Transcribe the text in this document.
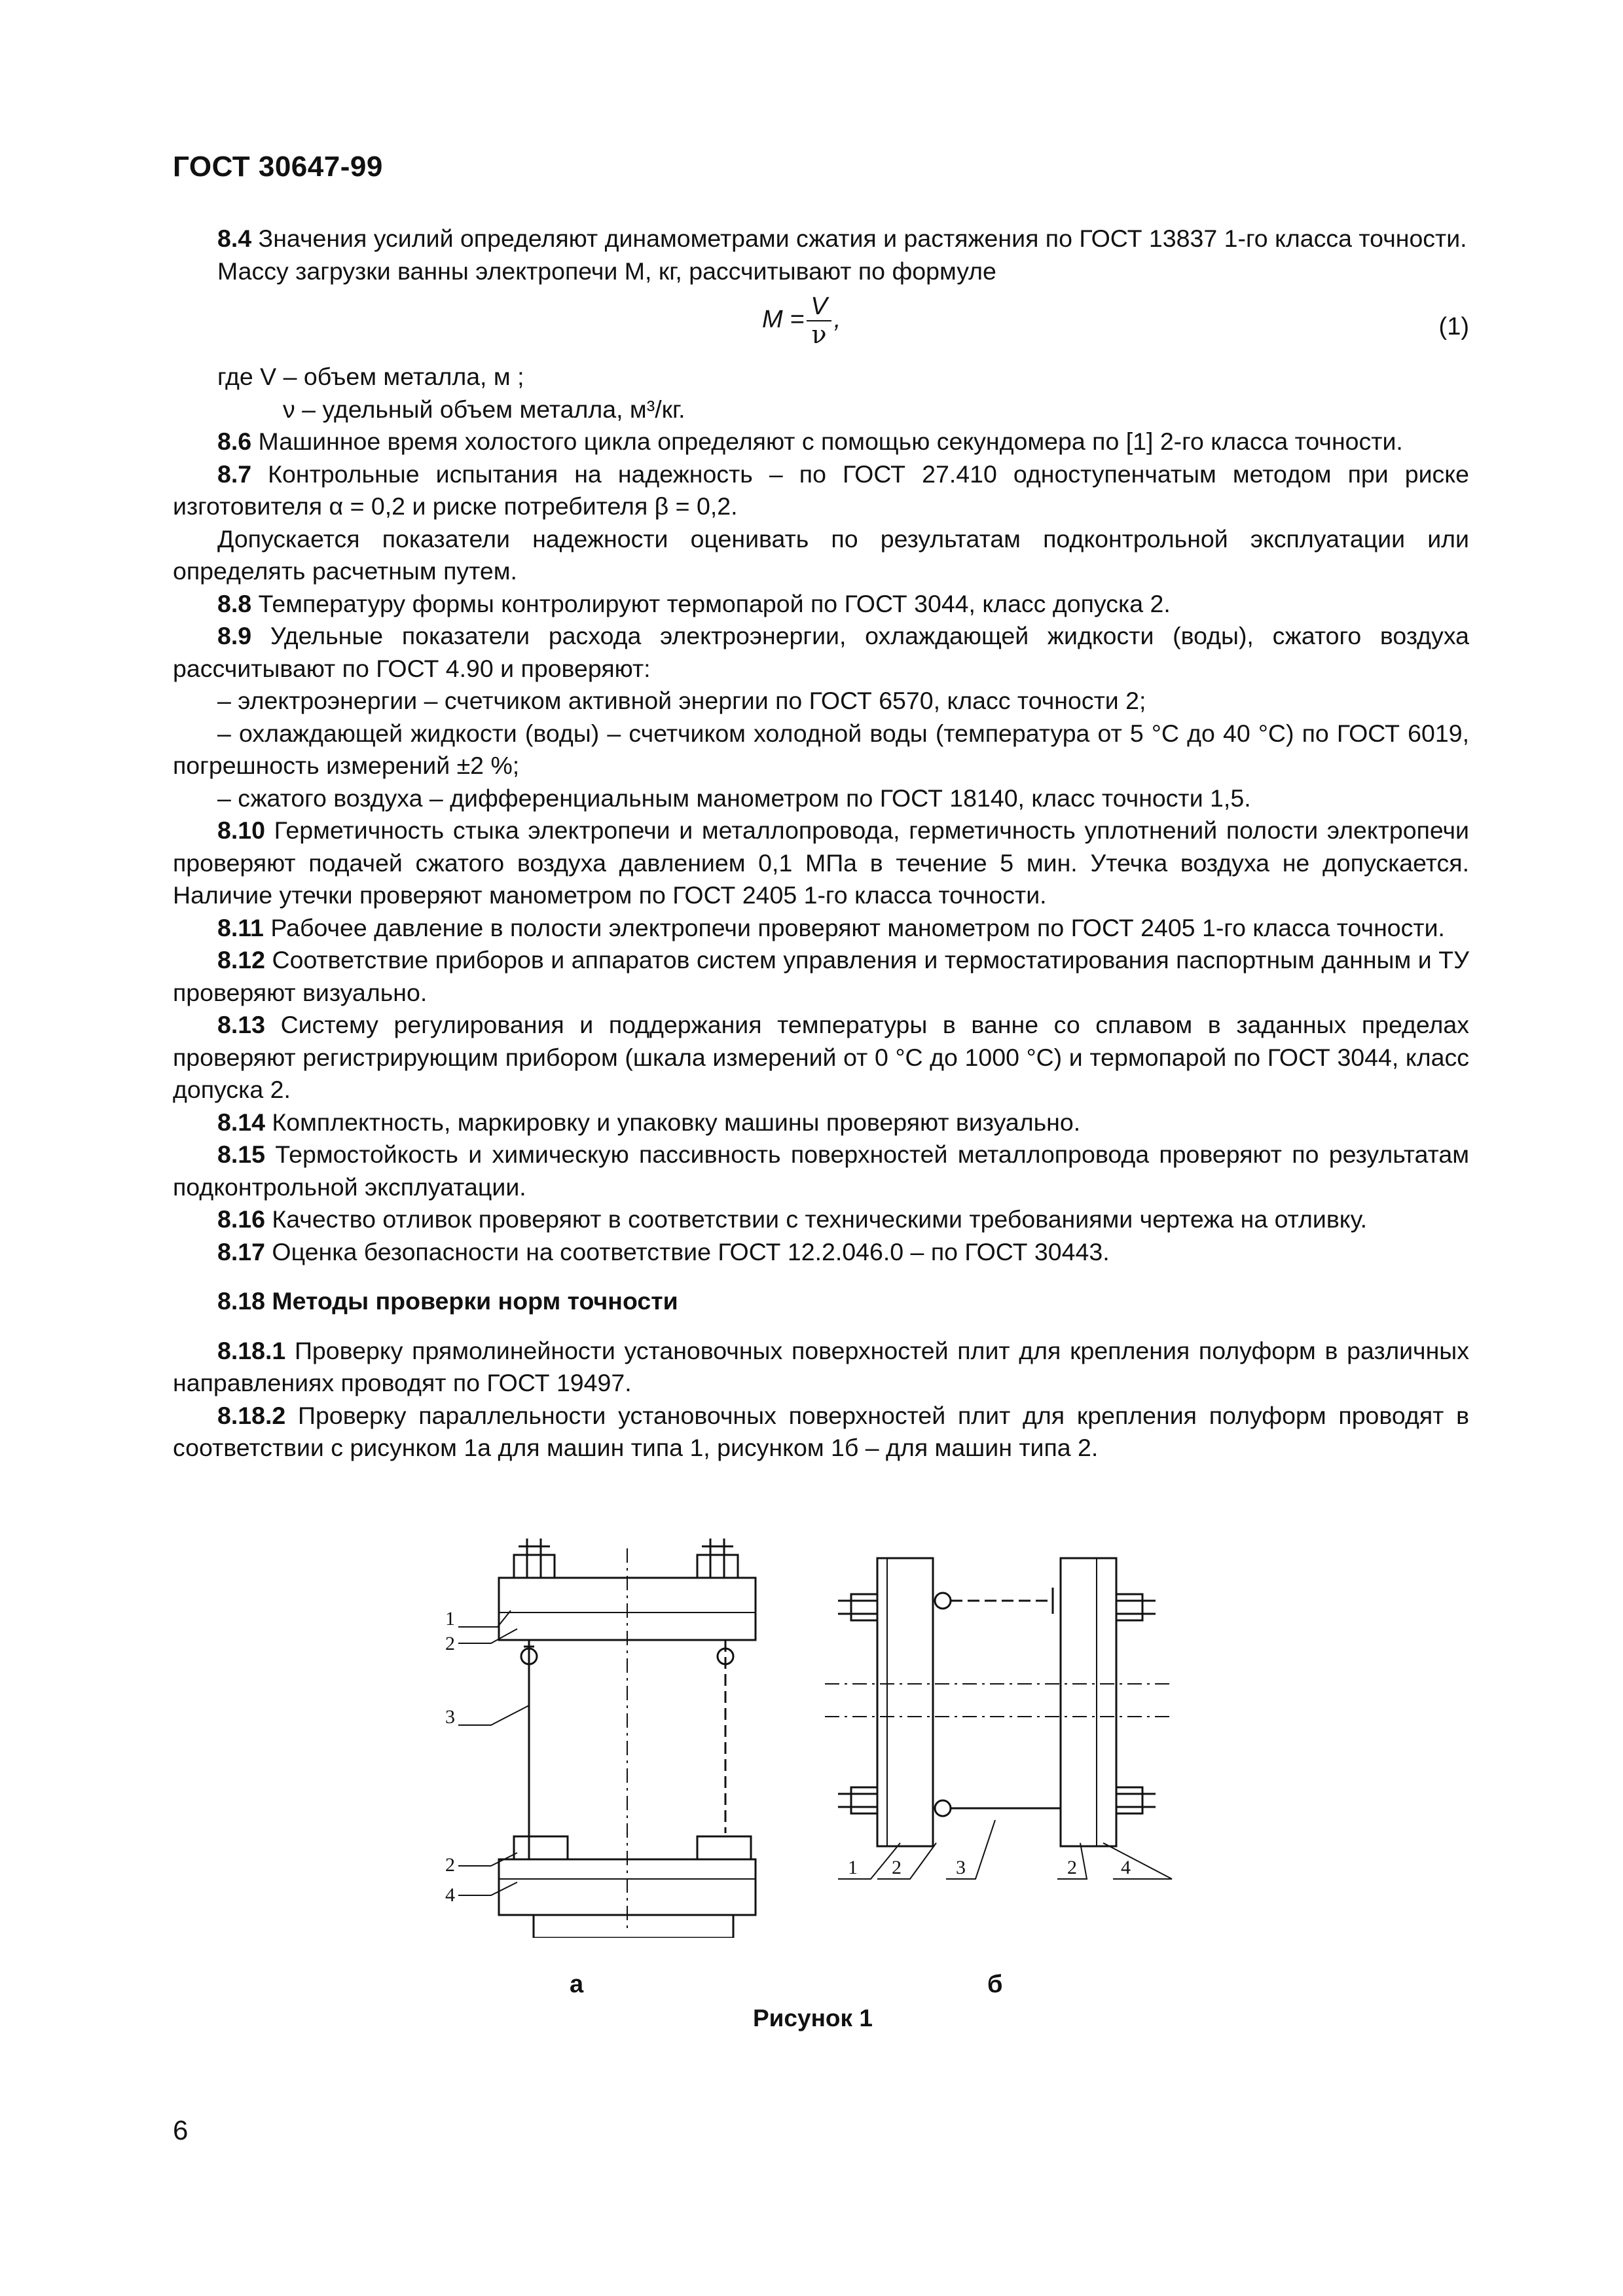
ГОСТ 30647-99

8.4 Значения усилий определяют динамометрами сжатия и растяжения по ГОСТ 13837 1-го класса точности.

Массу загрузки ванны электропечи М, кг, рассчитывают по формуле

$M = \frac{V}{\nu}$ ,	(1)
где V – объем металла, м ;
ν – удельный объем металла, м³/кг.

8.6 Машинное время холостого цикла определяют с помощью секундомера по [1] 2-го класса точности.

8.7 Контрольные испытания на надежность – по ГОСТ 27.410 одноступенчатым методом при риске изготовителя α = 0,2 и риске потребителя β = 0,2.

Допускается показатели надежности оценивать по результатам подконтрольной эксплуатации или определять расчетным путем.

8.8 Температуру формы контролируют термопарой по ГОСТ 3044, класс допуска 2.

8.9 Удельные показатели расхода электроэнергии, охлаждающей жидкости (воды), сжатого воздуха рассчитывают по ГОСТ 4.90 и проверяют:

– электроэнергии – счетчиком активной энергии по ГОСТ 6570, класс точности 2;

– охлаждающей жидкости (воды) – счетчиком холодной воды (температура от 5 °С до 40 °С) по ГОСТ 6019, погрешность измерений ±2 %;

– сжатого воздуха – дифференциальным манометром по ГОСТ 18140, класс точности 1,5.

8.10 Герметичность стыка электропечи и металлопровода, герметичность уплотнений полости электропечи проверяют подачей сжатого воздуха давлением 0,1 МПа в течение 5 мин. Утечка воздуха не допускается. Наличие утечки проверяют манометром по ГОСТ 2405 1-го класса точности.

8.11 Рабочее давление в полости электропечи проверяют манометром по ГОСТ 2405 1-го класса точности.

8.12 Соответствие приборов и аппаратов систем управления и термостатирования паспортным данным и ТУ проверяют визуально.

8.13 Систему регулирования и поддержания температуры в ванне со сплавом в заданных пределах проверяют регистрирующим прибором (шкала измерений от 0 °С до 1000 °С) и термопарой по ГОСТ 3044, класс допуска 2.

8.14 Комплектность, маркировку и упаковку машины проверяют визуально.

8.15 Термостойкость и химическую пассивность поверхностей металлопровода проверяют по результатам подконтрольной эксплуатации.

8.16 Качество отливок проверяют в соответствии с техническими требованиями чертежа на отливку.

8.17 Оценка безопасности на соответствие ГОСТ 12.2.046.0 – по ГОСТ 30443.

8.18 Методы проверки норм точности

8.18.1 Проверку прямолинейности установочных поверхностей плит для крепления полуформ в различных направлениях проводят по ГОСТ 19497.

8.18.2 Проверку параллельности установочных поверхностей плит для крепления полуформ проводят в соответствии с рисунком 1а для машин типа 1, рисунком 1б – для машин типа 2.

1
2
3
2
4
1 2	3	2 4
а	б
Рисунок 1
6
